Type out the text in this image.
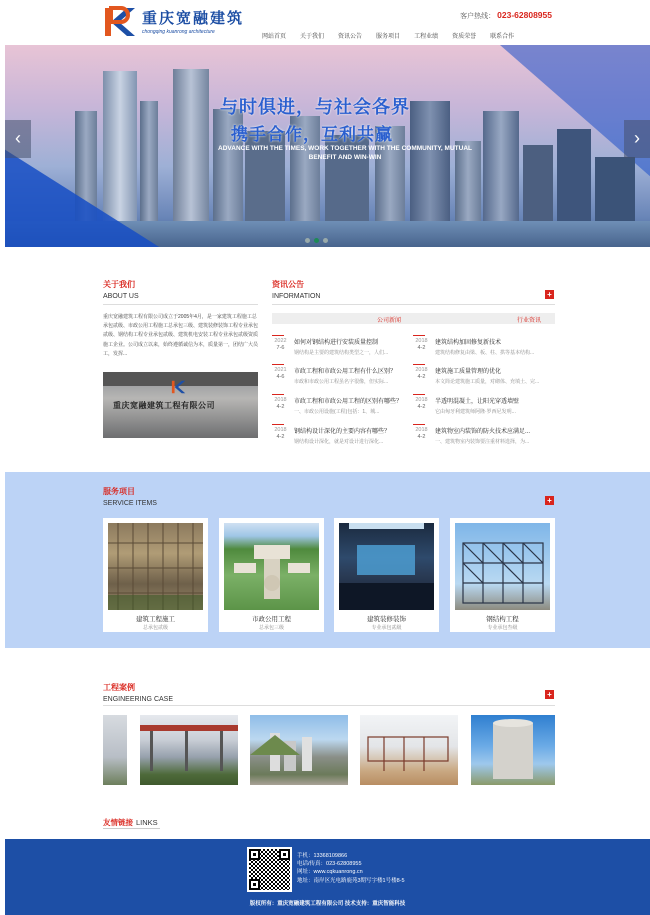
重庆宽融建筑
chongqing kuanrong architecture
客户热线： 023-62808955
网站首页	关于我们	资讯公告	服务项目	工程业绩	资质荣誉	联系合作
与时俱进，与社会各界
携手合作，互利共赢
ADVANCE WITH THE TIMES, WORK TOGETHER WITH THE COMMUNITY, MUTUAL BENEFIT AND WIN-WIN
‹	›
关于我们
ABOUT US
重庆宽融建筑工程有限公司成立于2005年4月，是一家建筑工程施工总承包贰级、市政公用工程施工总承包三级、建筑装修装饰工程专业承包贰级、钢结构工程专业承包贰级、建筑机电安装工程专业承包贰级资质施工企业。公司成立以来，始终遵循诚信为本，质量第一，团结广大员工，发挥...
重庆宽融建筑工程有限公司
资讯公告
INFORMATION	+
公司新闻	行业资讯
2022
7-6
如何对钢结构进行安装质量控制
钢结构是主要的建筑结构类型之一，人们...
2021
4-6
市政工程和市政公用工程有什么区别？
市政和市政公用工程虽名字很像，但实际...
2018
4-2
市政工程和市政公用工程的区别有哪些？
一、市政公用设施(工程)包括：1、城...
2018
4-2
钢结构设计深化的主要内容有哪些？
钢结构设计深化，就是对设计进行深化...
2018
4-2
建筑结构加固修复新技术
建筑结构修复由梁、板、柱、拱等基本结构...
2018
4-2
建筑施工质量管理的优化
本文简论建筑施工质量，对砌体、充填土、完...
2018
4-2
半透明混凝土，让阳光穿透墙壁
它由匈牙利建筑师阿隆·罗西尼发明...
2018
4-2
建筑物室内装饰的防火技术应满足...
一、建筑物室内装饰要注重材料选择，为...
服务项目
SERVICE ITEMS	+
建筑工程施工
总承包贰级
市政公用工程
总承包三级
建筑装修装饰
专业承包贰级
钢结构工程
专业承包叁级
工程案例
ENGINEERING CASE
+
友情链接 LINKS
手机：13368109866
电话/传真：023-62808955
网址：www.cqkuanrong.cn
地址：南岸区光电路鹿苑3期写字楼1号楼8-5
版权所有：重庆宽融建筑工程有限公司 技术支持：重庆智能科技
